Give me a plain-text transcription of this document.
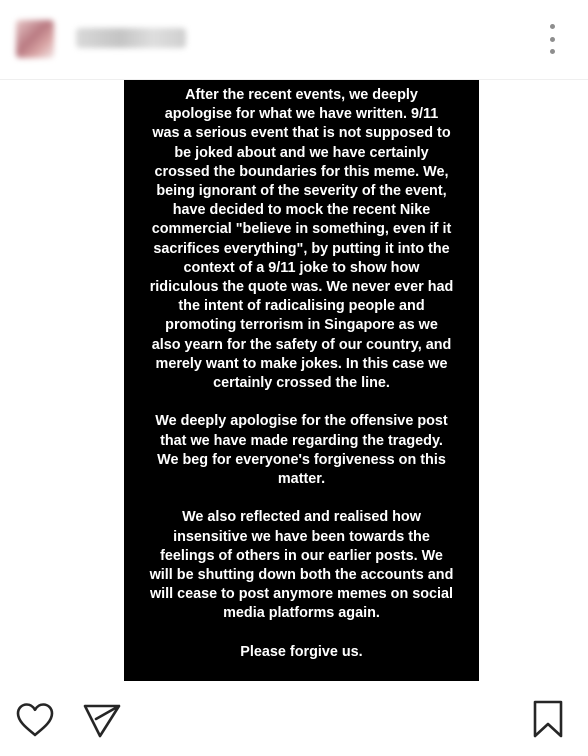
After the recent events, we deeply
apologise for what we have written. 9/11
was a serious event that is not supposed to
be joked about and we have certainly
crossed the boundaries for this meme. We,
being ignorant of the severity of the event,
have decided to mock the recent Nike
commercial "believe in something, even if it
sacrifices everything", by putting it into the
context of a 9/11 joke to show how
ridiculous the quote was. We never ever had
the intent of radicalising people and
promoting terrorism in Singapore as we
also yearn for the safety of our country, and
merely want to make jokes. In this case we
certainly crossed the line.

We deeply apologise for the offensive post
that we have made regarding the tragedy.
We beg for everyone's forgiveness on this
matter.

We also reflected and realised how
insensitive we have been towards the
feelings of others in our earlier posts. We
will be shutting down both the accounts and
will cease to post anymore memes on social
media platforms again.

Please forgive us.
